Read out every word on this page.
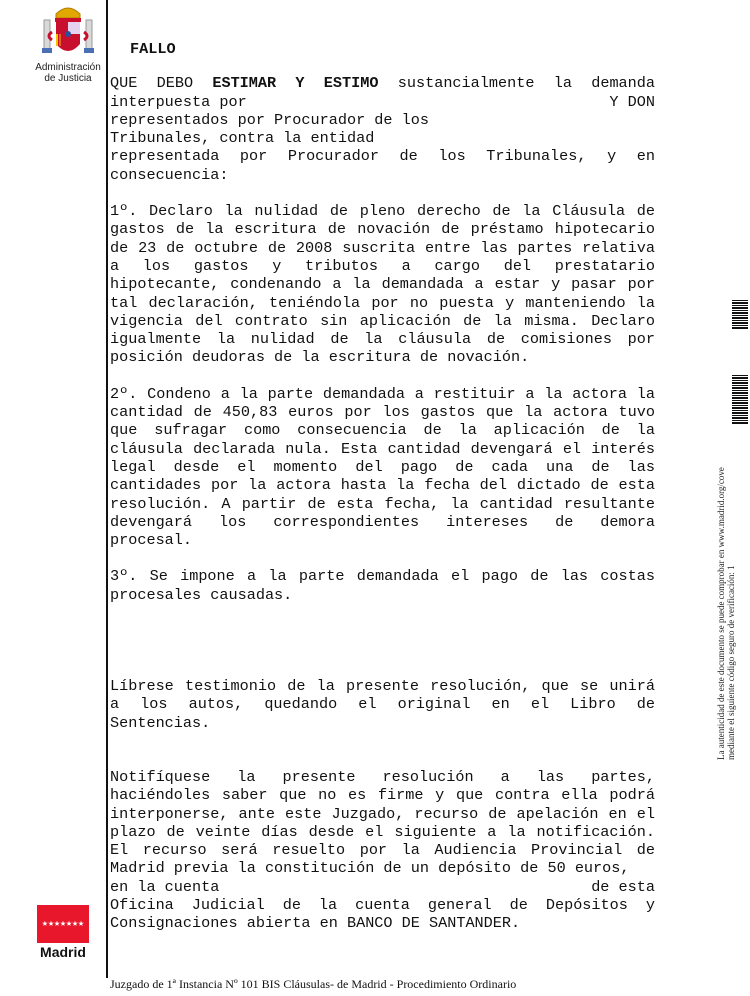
Administración
de Justicia

FALLO

QUE DEBO ESTIMAR Y ESTIMO sustancialmente la demanda

interpuesta por	Y DON

representados por Procurador de los

Tribunales, contra la entidad

representada por Procurador de los Tribunales, y en consecuencia:

1º. Declaro la nulidad de pleno derecho de la Cláusula de gastos de la escritura de novación de préstamo hipotecario de 23 de octubre de 2008 suscrita entre las partes relativa a los gastos y tributos a cargo del prestatario hipotecante, condenando a la demandada a estar y pasar por tal declaración, teniéndola por no puesta y manteniendo la vigencia del contrato sin aplicación de la misma. Declaro igualmente la nulidad de la cláusula de comisiones por posición deudoras de la escritura de novación.

2º. Condeno a la parte demandada a restituir a la actora la cantidad de 450,83 euros por los gastos que la actora tuvo que sufragar como consecuencia de la aplicación de la cláusula declarada nula. Esta cantidad devengará el interés legal desde el momento del pago de cada una de las cantidades por la actora hasta la fecha del dictado de esta resolución. A partir de esta fecha, la cantidad resultante devengará los correspondientes intereses de demora procesal.

3º. Se impone a la parte demandada el pago de las costas procesales causadas.

Líbrese testimonio de la presente resolución, que se unirá a los autos, quedando el original en el Libro de Sentencias.

Notifíquese la presente resolución a las partes, haciéndoles saber que no es firme y que contra ella podrá interponerse, ante este Juzgado, recurso de apelación en el plazo de veinte días desde el siguiente a la notificación. El recurso será resuelto por la Audiencia Provincial de Madrid previa la constitución de un depósito de 50 euros,

en la cuenta	de esta

Oficina Judicial de la cuenta general de Depósitos y Consignaciones abierta en BANCO DE SANTANDER.

La autenticidad de este documento se puede comprobar en www.madrid.org/cove mediante el siguiente código seguro de verificación: 1
★★★★★★★
Madrid
Juzgado de 1ª Instancia Nº 101 BIS Cláusulas- de Madrid - Procedimiento Ordinario
